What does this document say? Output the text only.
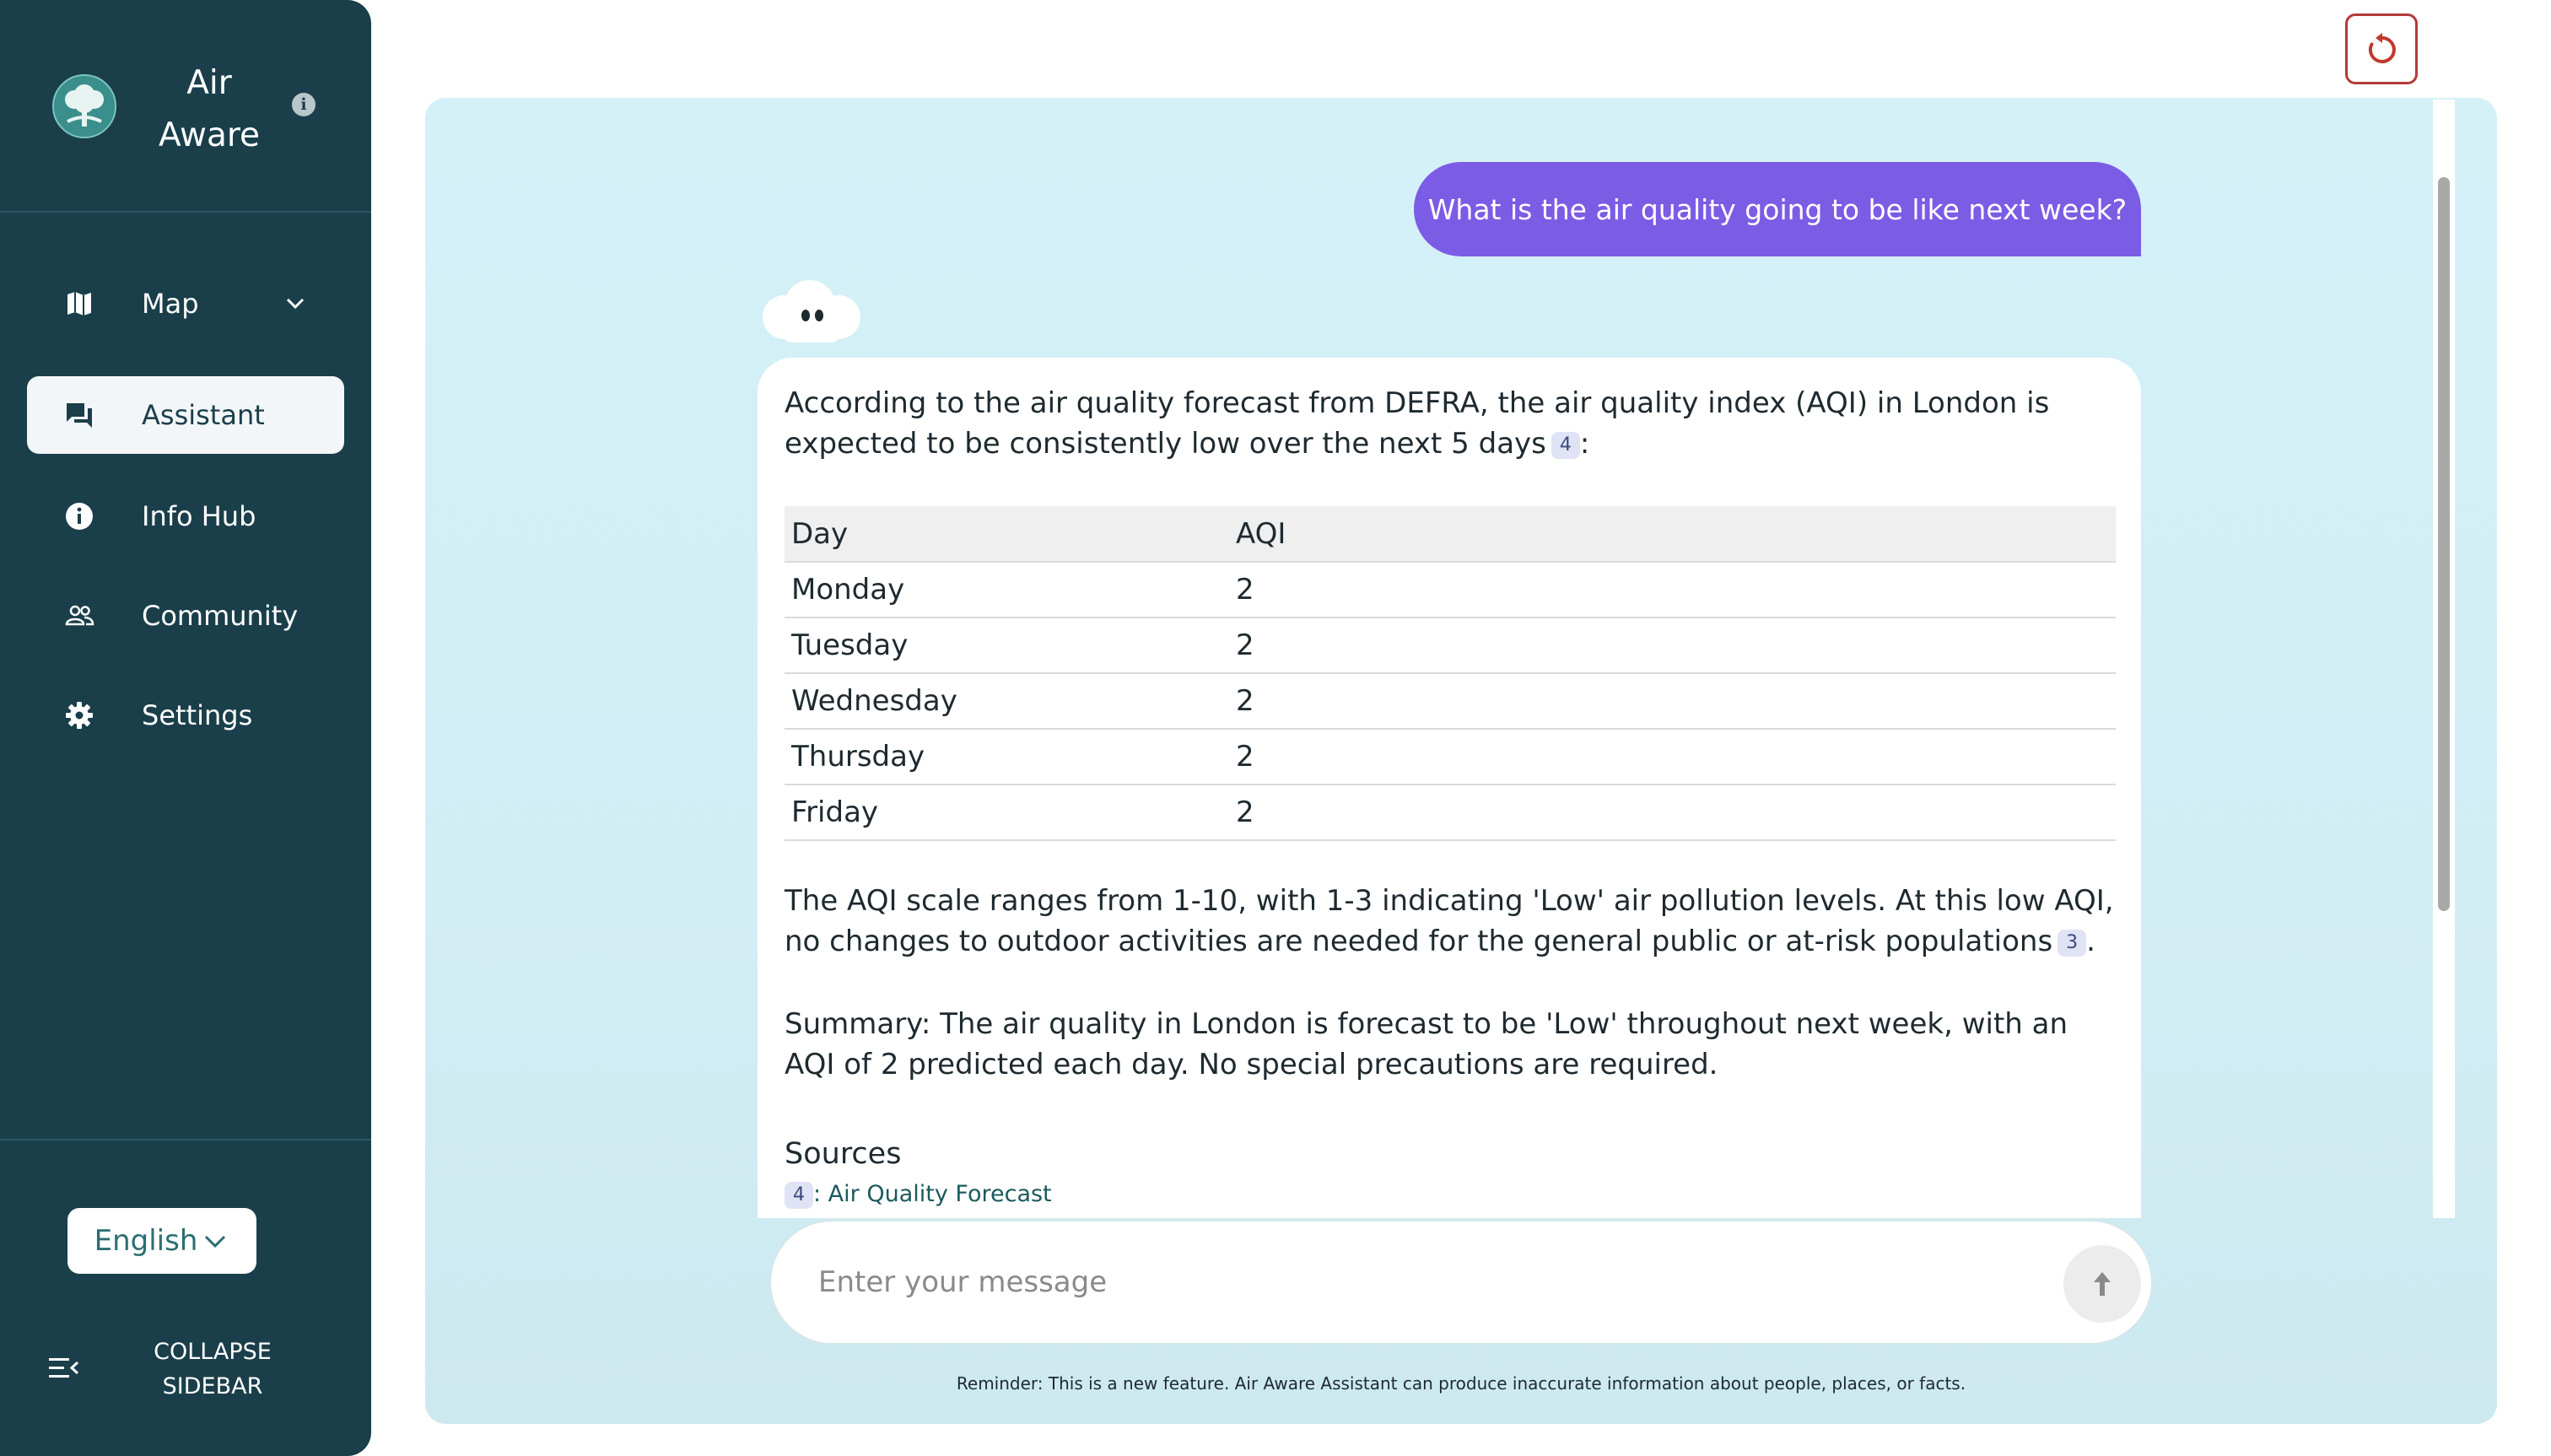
Air Aware
i
Map
Assistant
Info Hub
Community
Settings
English
COLLAPSE SIDEBAR
What is the air quality going to be like next week?

According to the air quality forecast from DEFRA, the air quality index (AQI) in London is expected to be consistently low over the next 5 days 4 :

Day	AQI
Monday	2
Tuesday	2
Wednesday	2
Thursday	2
Friday	2

The AQI scale ranges from 1-10, with 1-3 indicating 'Low' air pollution levels. At this low AQI, no changes to outdoor activities are needed for the general public or at-risk populations 3 .

Summary: The air quality in London is forecast to be 'Low' throughout next week, with an AQI of 2 predicted each day. No special precautions are required.

Sources
4 : Air Quality Forecast
Enter your message
Reminder: This is a new feature. Air Aware Assistant can produce inaccurate information about people, places, or facts.
